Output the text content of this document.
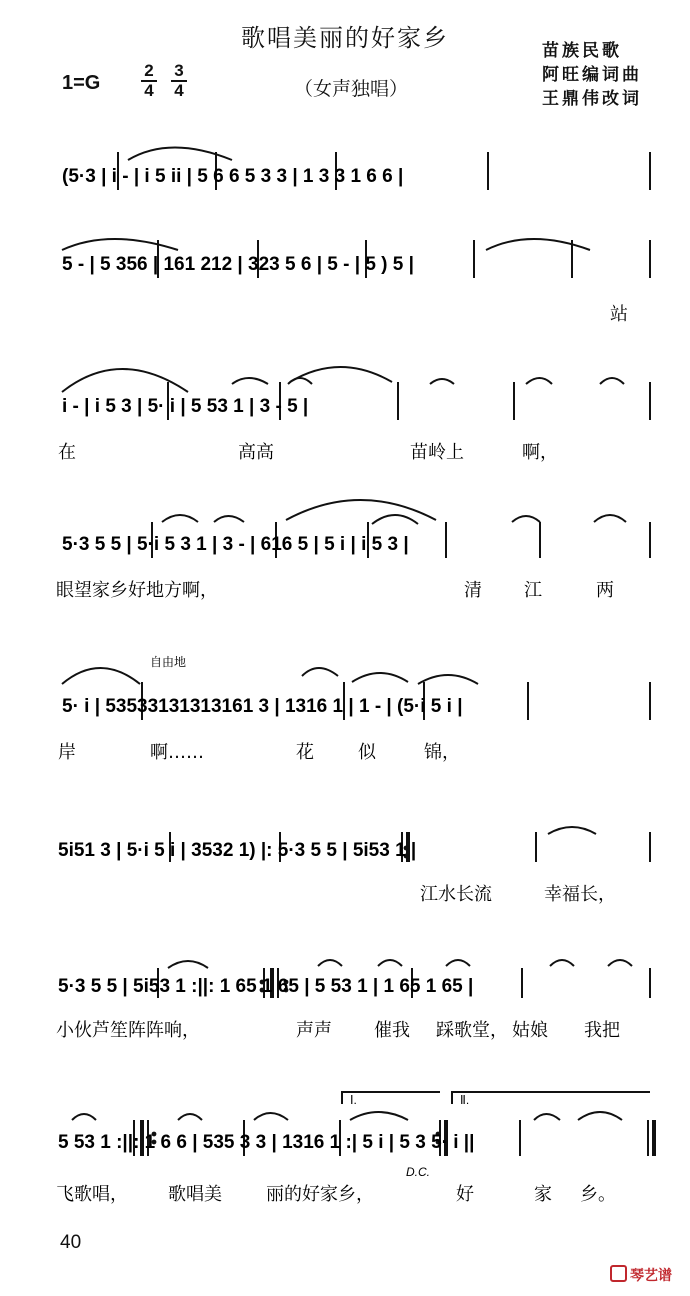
歌唱美丽的好家乡
1=G
2
4
3
4	（女声独唱）
苗族民歌
阿旺编词曲
王鼎伟改词
(5·3 | i - | i 5 ii | 5 6 6 5 3 3 | 1 3 3 1 6 6 |
5 - | 5 356 | 161 212 | 323 5 6 | 5 - | 5 ) 5 |
站
i - | i 5 3 | 5· i | 5 53 1 | 3 - 5 |
在	高高	苗岭上	啊，
5·3 5 5 | 5·i 5 3 1 | 3 - | 616 5 | 5 i | i 5 3 |
眼望家乡好地方啊，	清 江	两
自由地
5· i | 53533131313161 3 | 1316 1 | 1 - | (5·i 5 i |
岸	啊……	花 似	锦，
5i51 3 | 5·i 5 i | 3532 1) |: 5·3 5 5 | 5i53 1 |
江水长流	幸福长，
5·3 5 5 | 5i53 1 :||: 1 65 1 65 | 5 53 1 | 1 65 1 65 |
小伙芦笙阵阵响，	声声 催我 踩歌堂， 姑娘 我把
Ⅰ.	Ⅱ.
5 53 1 :||: 1 6 6 | 535 3 3 | 1316 1 :| 5 i | 5 3 5· i ||
D.C.
飞歌唱， 歌唱美 丽的好家乡，	好	家 乡。
40
琴艺谱
